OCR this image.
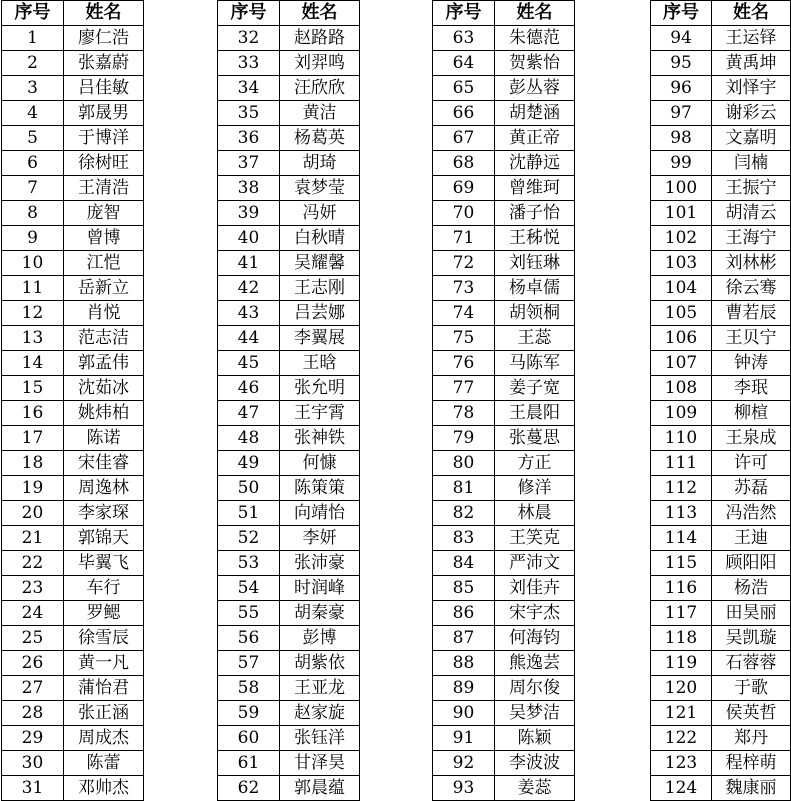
序号	姓名
1	廖仁浩
2	张嘉蔚
3	吕佳敏
4	郭晟男
5	于博洋
6	徐树旺
7	王清浩
8	庞智
9	曾博
10	江恺
11	岳新立
12	肖悦
13	范志洁
14	郭孟伟
15	沈茹冰
16	姚炜柏
17	陈诺
18	宋佳睿
19	周逸林
20	李家琛
21	郭锦天
22	毕翼飞
23	车行
24	罗鳃
25	徐雪辰
26	黄一凡
27	蒲怡君
28	张正涵
29	周成杰
30	陈蕾
31	邓帅杰
序号	姓名
32	赵路路
33	刘羿鸣
34	汪欣欣
35	黄洁
36	杨葛英
37	胡琦
38	袁梦莹
39	冯妍
40	白秋晴
41	吴耀馨
42	王志刚
43	吕芸娜
44	李翼展
45	王晗
46	张允明
47	王宇霄
48	张神铁
49	何慷
50	陈策策
51	向靖怡
52	李妍
53	张沛豪
54	时润峰
55	胡秦豪
56	彭博
57	胡紫依
58	王亚龙
59	赵家旋
60	张钰洋
61	甘泽昊
62	郭晨蕴
序号	姓名
63	朱德范
64	贺紫怡
65	彭丛蓉
66	胡楚涵
67	黄正帝
68	沈静远
69	曾维珂
70	潘子怡
71	王秭悦
72	刘钰琳
73	杨卓儒
74	胡领桐
75	王蕊
76	马陈军
77	姜子宽
78	王晨阳
79	张蔓思
80	方正
81	修洋
82	林晨
83	王笑克
84	严沛文
85	刘佳卉
86	宋宇杰
87	何海钧
88	熊逸芸
89	周尔俊
90	吴梦洁
91	陈颖
92	李波波
93	姜蕊
序号	姓名
94	王运铎
95	黄禹坤
96	刘怿宇
97	谢彩云
98	文嘉明
99	闫楠
100	王振宁
101	胡清云
102	王海宁
103	刘林彬
104	徐云骞
105	曹若辰
106	王贝宁
107	钟涛
108	李珉
109	柳楦
110	王泉成
111	许可
112	苏磊
113	冯浩然
114	王迪
115	顾阳阳
116	杨浩
117	田昊丽
118	吴凯璇
119	石蓉蓉
120	于歌
121	侯英哲
122	郑丹
123	程梓萌
124	魏康丽
